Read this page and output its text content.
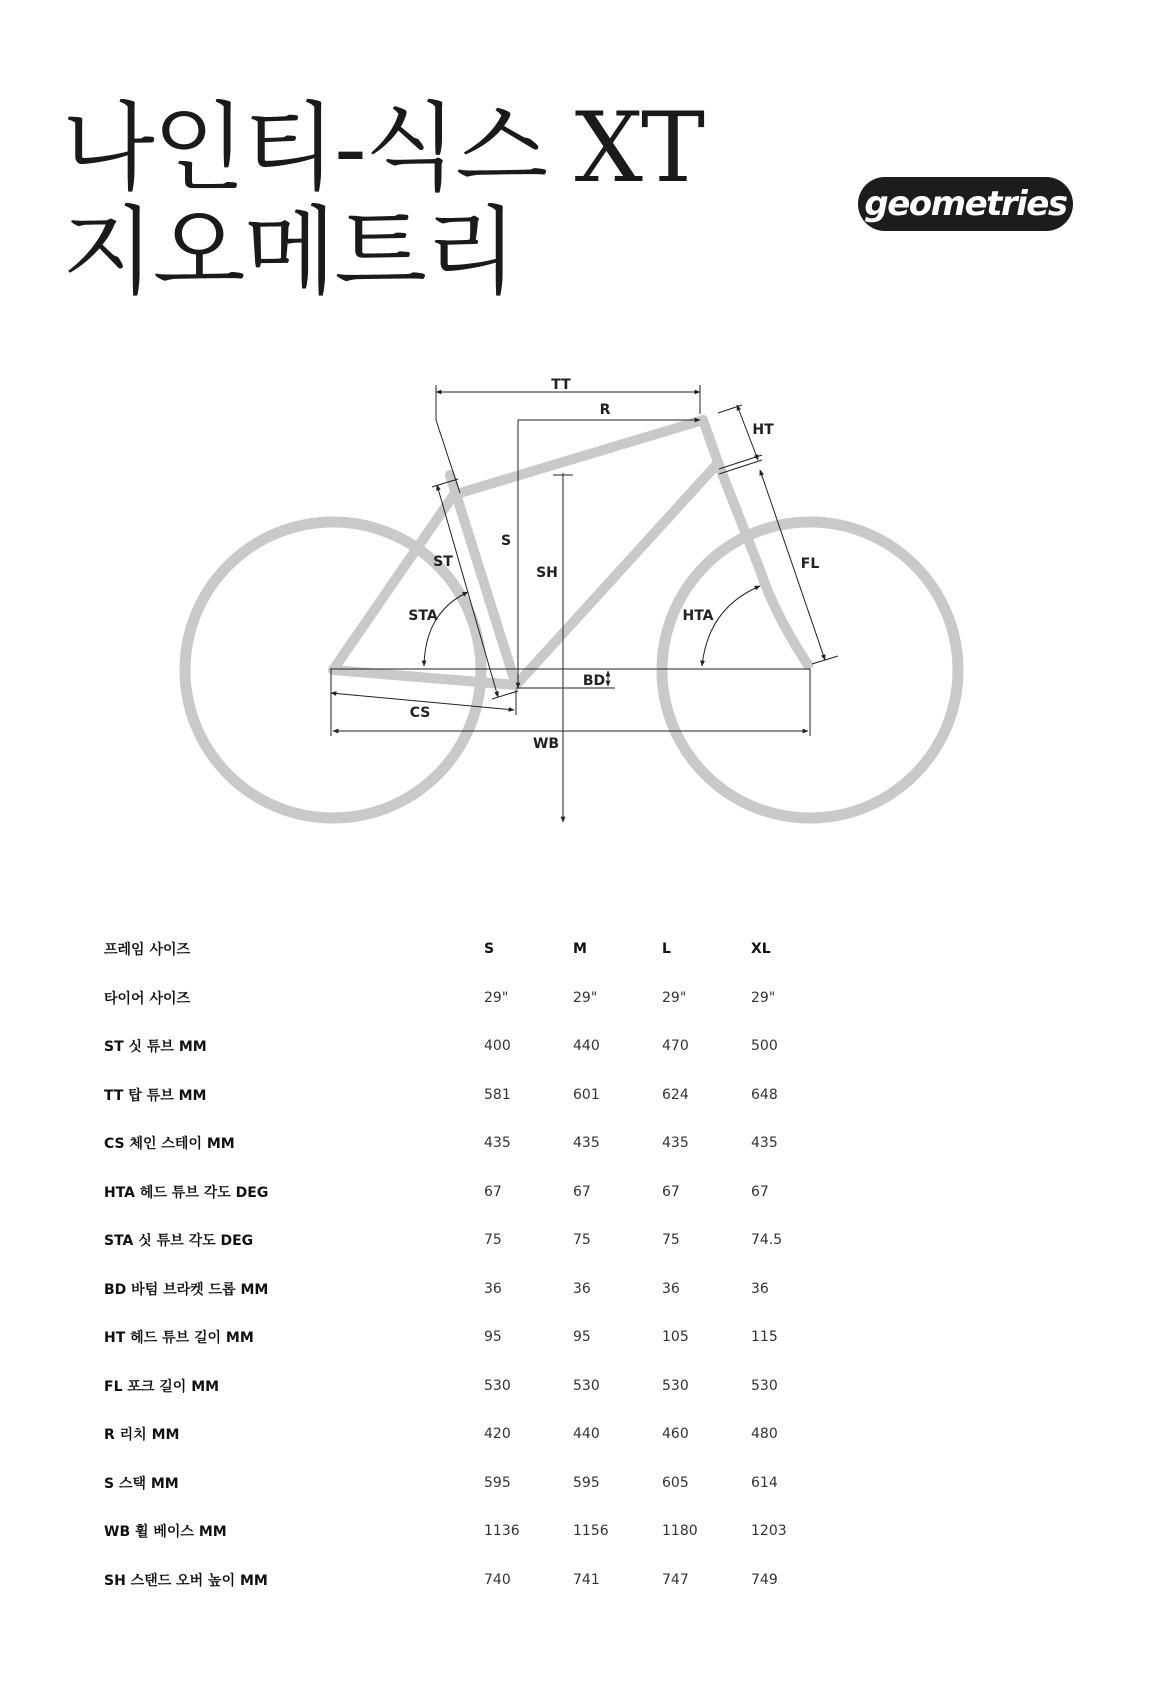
나인티-식스 XT
지오메트리	geometries
TT
R
HT
S
ST
SH
FL
STA	HTA
BD
CS
WB
프레임 사이즈	S	M	L	XL
타이어 사이즈	29"	29"	29"	29"
ST 싯 튜브 MM	400	440	470	500
TT 탑 튜브 MM	581	601	624	648
CS 체인 스테이 MM	435	435	435	435
HTA 헤드 튜브 각도 DEG	67	67	67	67
STA 싯 튜브 각도 DEG	75	75	75	74.5
BD 바텀 브라켓 드롭 MM	36	36	36	36
HT 헤드 튜브 길이 MM	95	95	105	115
FL 포크 길이 MM	530	530	530	530
R 리치 MM	420	440	460	480
S 스택 MM	595	595	605	614
WB 휠 베이스 MM	1136	1156	1180	1203
SH 스탠드 오버 높이 MM	740	741	747	749
